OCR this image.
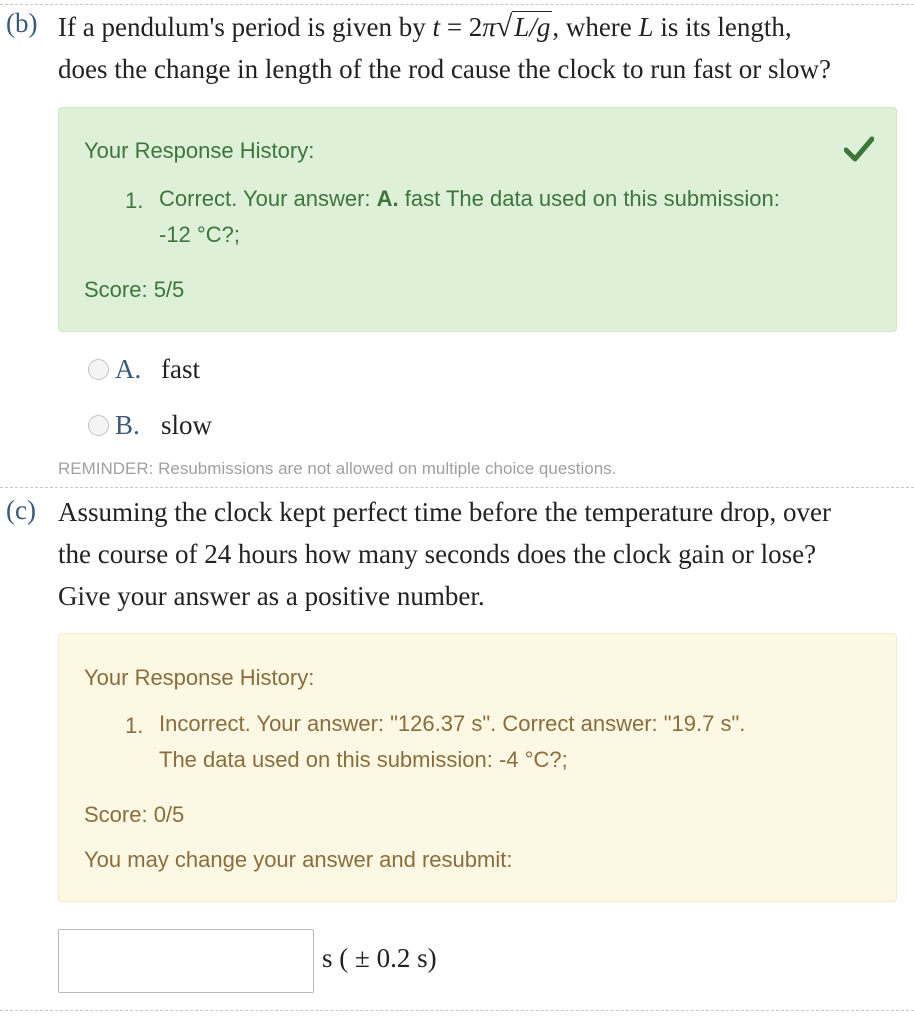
(b) If a pendulum's period is given by t = 2π√L/g, where L is its length,
does the change in length of the rod cause the clock to run fast or slow?
Your Response History:
1. Correct. Your answer: A. fast The data used on this submission:
-12 °C?;
Score: 5/5
A. fast
B. slow
REMINDER: Resubmissions are not allowed on multiple choice questions.
(c) Assuming the clock kept perfect time before the temperature drop, over
the course of 24 hours how many seconds does the clock gain or lose?
Give your answer as a positive number.
Your Response History:
1. Incorrect. Your answer: "126.37 s". Correct answer: "19.7 s".
The data used on this submission: -4 °C?;
Score: 0/5
You may change your answer and resubmit:
s ( ± 0.2 s)
